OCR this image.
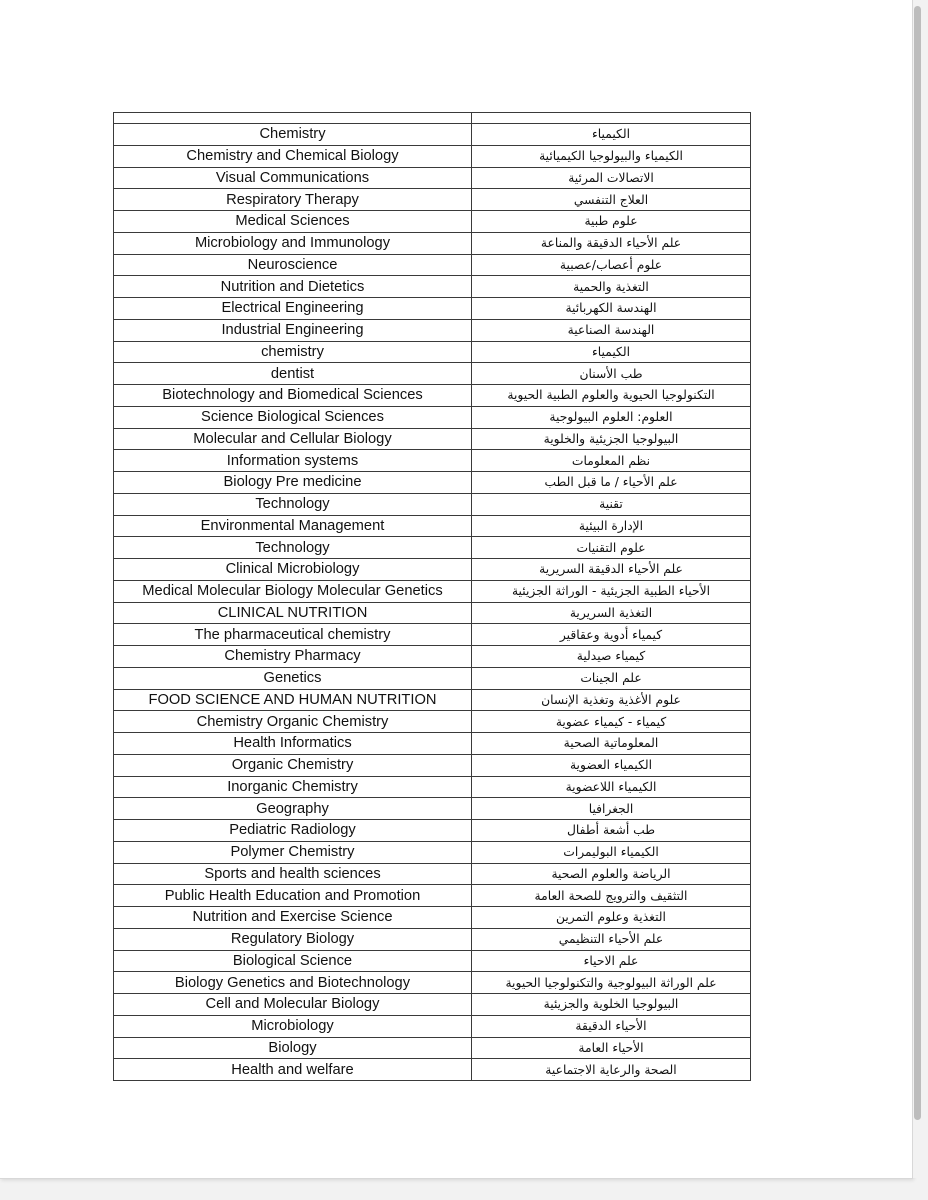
Chemistry	الكيمياء
Chemistry and Chemical Biology	الكيمياء والبيولوجيا الكيميائية
Visual Communications	الاتصالات المرئية
Respiratory Therapy	العلاج التنفسي
Medical Sciences	علوم طبية
Microbiology and Immunology	علم الأحياء الدقيقة والمناعة
Neuroscience	علوم أعصاب/عصبية
Nutrition and Dietetics	التغذية والحمية
Electrical Engineering	الهندسة الكهربائية
Industrial Engineering	الهندسة الصناعية
chemistry	الكيمياء
dentist	طب الأسنان
Biotechnology and Biomedical Sciences	التكنولوجيا الحيوية والعلوم الطبية الحيوية
Science Biological Sciences	العلوم: العلوم البيولوجية
Molecular and Cellular Biology	البيولوجيا الجزيئية والخلوية
Information systems	نظم المعلومات
Biology Pre medicine	علم الأحياء / ما قبل الطب
Technology	تقنية
Environmental Management	الإدارة البيئية
Technology	علوم التقنيات
Clinical Microbiology	علم الأحياء الدقيقة السريرية
Medical Molecular Biology Molecular Genetics	الأحياء الطبية الجزيئية - الوراثة الجزيئية
CLINICAL NUTRITION	التغذية السريرية
The pharmaceutical chemistry	كيمياء أدوية وعقاقير
Chemistry Pharmacy	كيمياء صيدلية
Genetics	علم الجينات
FOOD SCIENCE AND HUMAN NUTRITION	علوم الأغذية وتغذية الإنسان
Chemistry Organic Chemistry	كيمياء - كيمياء عضوية
Health Informatics	المعلوماتية الصحية
Organic Chemistry	الكيمياء العضوية
Inorganic Chemistry	الكيمياء اللاعضوية
Geography	الجغرافيا
Pediatric Radiology	طب أشعة أطفال
Polymer Chemistry	الكيمياء البوليمرات
Sports and health sciences	الرياضة والعلوم الصحية
Public Health Education and Promotion	التثقيف والترويج للصحة العامة
Nutrition and Exercise Science	التغذية وعلوم التمرين
Regulatory Biology	علم الأحياء التنظيمي
Biological Science	علم الاحياء
Biology Genetics and Biotechnology	علم الوراثة البيولوجية والتكنولوجيا الحيوية
Cell and Molecular Biology	البيولوجيا الخلوية والجزيئية
Microbiology	الأحياء الدقيقة
Biology	الأحياء العامة
Health and welfare	الصحة والرعاية الاجتماعية
